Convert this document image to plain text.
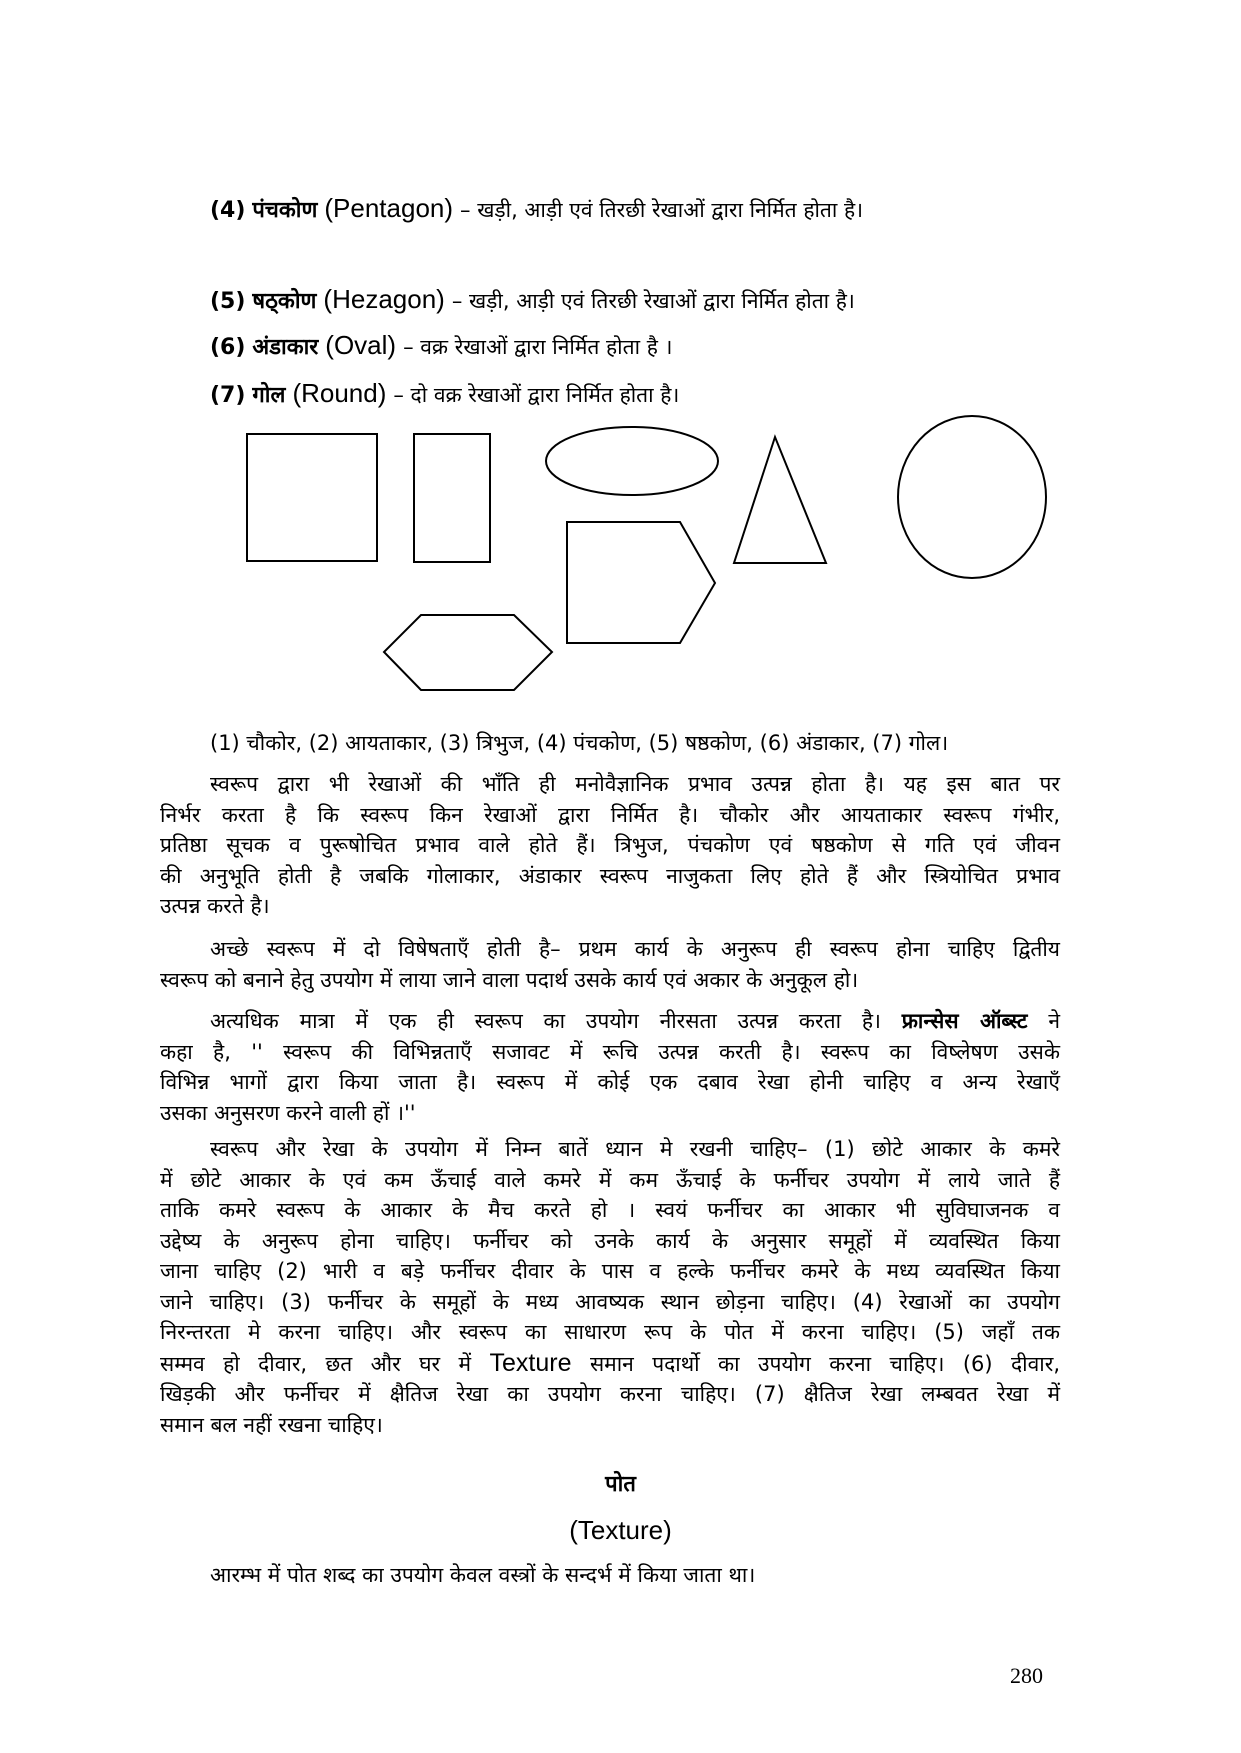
(4) पंचकोण (Pentagon) – खड़ी, आड़ी एवं तिरछी रेखाओं द्वारा निर्मित होता है।
(5) षठ्कोण (Hezagon) – खड़ी, आड़ी एवं तिरछी रेखाओं द्वारा निर्मित होता है।
(6) अंडाकार (Oval) – वक्र रेखाओं द्वारा निर्मित होता है ।
(7) गोल (Round) – दो वक्र रेखाओं द्वारा निर्मित होता है।
(1) चौकोर, (2) आयताकार, (3) त्रिभुज, (4) पंचकोण, (5) षष्ठकोण, (6) अंडाकार, (7) गोल।
स्वरूप द्वारा भी रेखाओं की भाँति ही मनोवैज्ञानिक प्रभाव उत्पन्न होता है। यह इस बात पर
निर्भर करता है कि स्वरूप किन रेखाओं द्वारा निर्मित है। चौकोर और आयताकार स्वरूप गंभीर,
प्रतिष्ठा सूचक व पुरूषोचित प्रभाव वाले होते हैं। त्रिभुज, पंचकोण एवं षष्ठकोण से गति एवं जीवन
की अनुभूति होती है जबकि गोलाकार, अंडाकार स्वरूप नाजुकता लिए होते हैं और स्त्रियोचित प्रभाव
उत्पन्न करते है।
अच्छे स्वरूप में दो विषेषताएँ होती है– प्रथम कार्य के अनुरूप ही स्वरूप होना चाहिए द्वितीय
स्वरूप को बनाने हेतु उपयोग में लाया जाने वाला पदार्थ उसके कार्य एवं अकार के अनुकूल हो।
अत्यधिक मात्रा में एक ही स्वरूप का उपयोग नीरसता उत्पन्न करता है। फ्रान्सेस ऑब्स्ट ने
कहा है, '' स्वरूप की विभिन्नताएँ सजावट में रूचि उत्पन्न करती है। स्वरूप का विष्लेषण उसके
विभिन्न भागों द्वारा किया जाता है। स्वरूप में कोई एक दबाव रेखा होनी चाहिए व अन्य रेखाएँ
उसका अनुसरण करने वाली हों ।''
स्वरूप और रेखा के उपयोग में निम्न बातें ध्यान मे रखनी चाहिए– (1) छोटे आकार के कमरे
में छोटे आकार के एवं कम ऊँचाई वाले कमरे में कम ऊँचाई के फर्नीचर उपयोग में लाये जाते हैं
ताकि कमरे स्वरूप के आकार के मैच करते हो । स्वयं फर्नीचर का आकार भी सुविघाजनक व
उद्देष्य के अनुरूप होना चाहिए। फर्नीचर को उनके कार्य के अनुसार समूहों में व्यवस्थित किया
जाना चाहिए (2) भारी व बड़े फर्नीचर दीवार के पास व हल्के फर्नीचर कमरे के मध्य व्यवस्थित किया
जाने चाहिए। (3) फर्नीचर के समूहों के मध्य आवष्यक स्थान छोड़ना चाहिए। (4) रेखाओं का उपयोग
निरन्तरता मे करना चाहिए। और स्वरूप का साधारण रूप के पोत में करना चाहिए। (5) जहाँ तक
सम्मव हो दीवार, छत और घर में Texture समान पदार्थो का उपयोग करना चाहिए। (6) दीवार,
खिड़की और फर्नीचर में क्षैतिज रेखा का उपयोग करना चाहिए। (7) क्षैतिज रेखा लम्बवत रेखा में
समान बल नहीं रखना चाहिए।
पोत
(Texture)
आरम्भ में पोत शब्द का उपयोग केवल वस्त्रों के सन्दर्भ में किया जाता था।
280
